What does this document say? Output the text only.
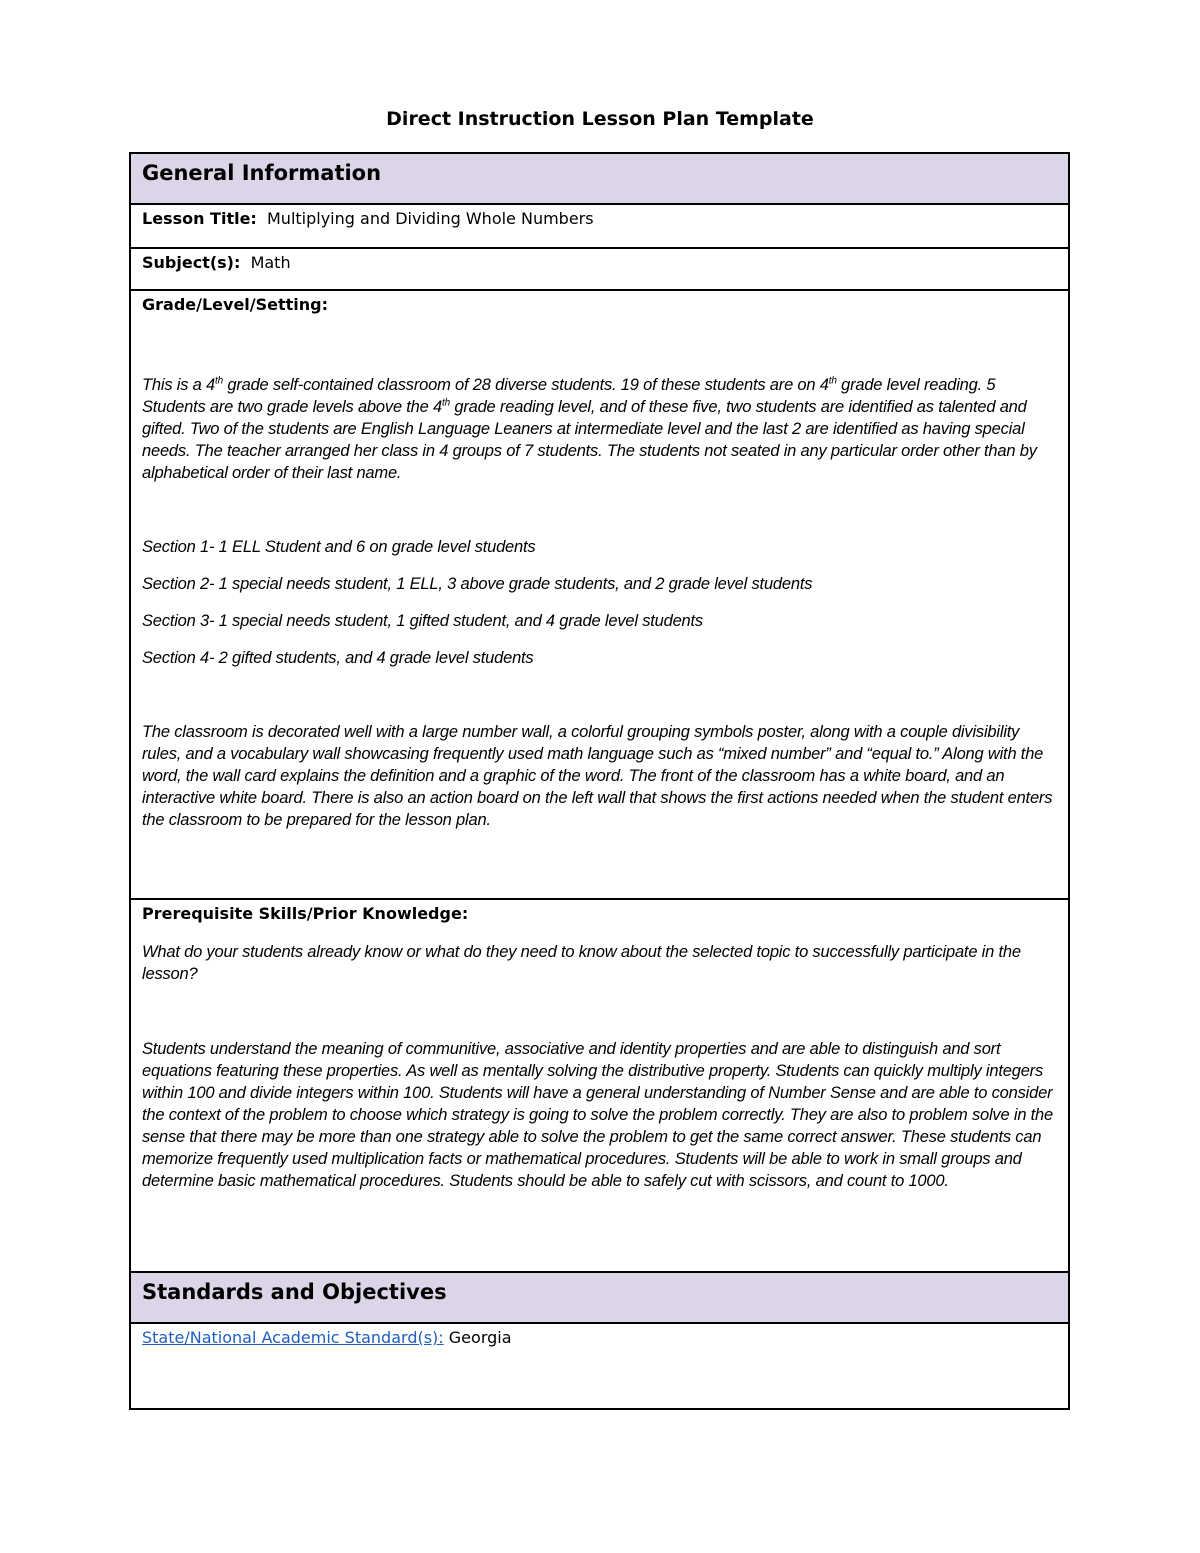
Direct Instruction Lesson Plan Template
General Information

Lesson Title: Multiplying and Dividing Whole Numbers

Subject(s): Math

Grade/Level/Setting:

This is a 4th grade self-contained classroom of 28 diverse students. 19 of these students are on 4th grade level reading. 5 Students are two grade levels above the 4th grade reading level, and of these five, two students are identified as talented and gifted. Two of the students are English Language Leaners at intermediate level and the last 2 are identified as having special needs. The teacher arranged her class in 4 groups of 7 students. The students not seated in any particular order other than by alphabetical order of their last name.

Section 1- 1 ELL Student and 6 on grade level students

Section 2- 1 special needs student, 1 ELL, 3 above grade students, and 2 grade level students

Section 3- 1 special needs student, 1 gifted student, and 4 grade level students

Section 4- 2 gifted students, and 4 grade level students

The classroom is decorated well with a large number wall, a colorful grouping symbols poster, along with a couple divisibility rules, and a vocabulary wall showcasing frequently used math language such as “mixed number” and “equal to.” Along with the word, the wall card explains the definition and a graphic of the word. The front of the classroom has a white board, and an interactive white board. There is also an action board on the left wall that shows the first actions needed when the student enters the classroom to be prepared for the lesson plan.

Prerequisite Skills/Prior Knowledge:

What do your students already know or what do they need to know about the selected topic to successfully participate in the lesson?

Students understand the meaning of communitive, associative and identity properties and are able to distinguish and sort equations featuring these properties. As well as mentally solving the distributive property. Students can quickly multiply integers within 100 and divide integers within 100. Students will have a general understanding of Number Sense and are able to consider the context of the problem to choose which strategy is going to solve the problem correctly. They are also to problem solve in the sense that there may be more than one strategy able to solve the problem to get the same correct answer. These students can memorize frequently used multiplication facts or mathematical procedures. Students will be able to work in small groups and determine basic mathematical procedures. Students should be able to safely cut with scissors, and count to 1000.

Standards and Objectives

State/National Academic Standard(s): Georgia
